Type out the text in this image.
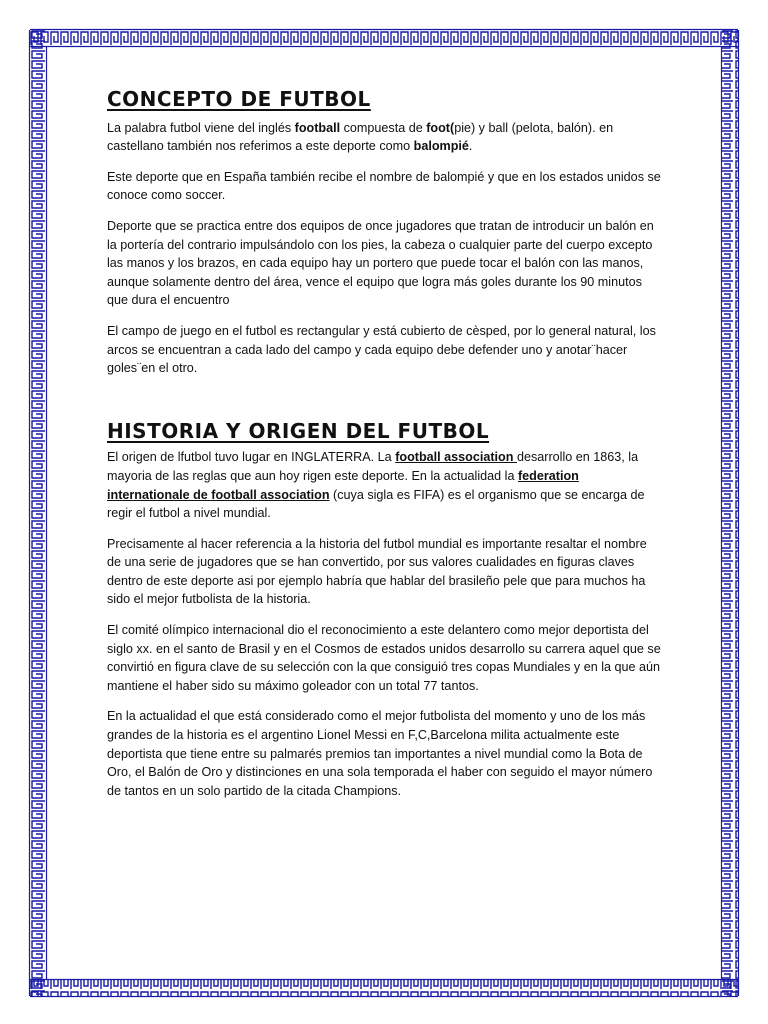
CONCEPTO DE FUTBOL

La palabra futbol viene del inglés football compuesta de foot(pie) y ball (pelota, balón). en castellano también nos referimos a este deporte como balompié.

Este deporte que en España también recibe el nombre de balompié y que en los estados unidos se conoce como soccer.

Deporte que se practica entre dos equipos de once jugadores que tratan de introducir un balón en la portería del contrario impulsándolo con los pies, la cabeza o cualquier parte del cuerpo excepto las manos y los brazos, en cada equipo hay un portero que puede tocar el balón con las manos, aunque solamente dentro del área, vence el equipo que logra más goles durante los 90 minutos que dura el encuentro

El campo de juego en el futbol es rectangular y está cubierto de cèsped, por lo general natural, los arcos se encuentran a cada lado del campo y cada equipo debe defender uno y anotar¨hacer goles¨en el otro.

HISTORIA Y ORIGEN DEL FUTBOL

El origen de lfutbol tuvo lugar en INGLATERRA. La football association desarrollo en 1863, la mayoria de las reglas que aun hoy rigen este deporte. En la actualidad la federation internationale de football association (cuya sigla es FIFA) es el organismo que se encarga de regir el futbol a nivel mundial.

Precisamente al hacer referencia a la historia del futbol mundial es importante resaltar el nombre de una serie de jugadores que se han convertido, por sus valores cualidades en figuras claves dentro de este deporte asi por ejemplo habría que hablar del brasileño pele que para muchos ha sido el mejor futbolista de la historia.

El comité olímpico internacional dio el reconocimiento a este delantero como mejor deportista del siglo xx. en el santo de Brasil y en el Cosmos de estados unidos desarrollo su carrera aquel que se convirtió en figura clave de su selección con la que consiguió tres copas Mundiales y en la que aún mantiene el haber sido su máximo goleador con un total 77 tantos.

En la actualidad el que está considerado como el mejor futbolista del momento y uno de los más grandes de la historia es el argentino Lionel Messi en F,C,Barcelona milita actualmente este deportista que tiene entre su palmarés premios tan importantes a nivel mundial como la Bota de Oro, el Balón de Oro y distinciones en una sola temporada el haber con seguido el mayor número de tantos en un solo partido de la citada Champions.
